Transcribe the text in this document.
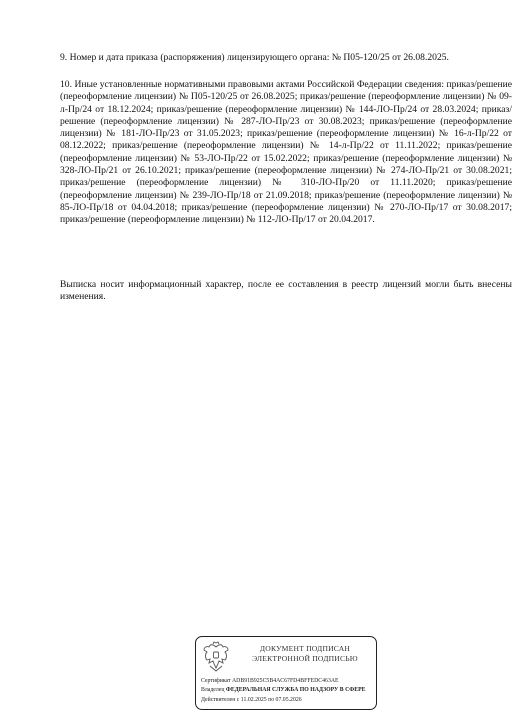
9. Номер и дата приказа (распоряжения) лицензирующего органа: № П05-120/25 от 26.08.2025.
10. Иные установленные нормативными правовыми актами Российской Федерации сведения: приказ/решение (переоформление лицензии) № П05-120/25 от 26.08.2025; приказ/решение (переоформление лицензии) № 09-л-Пр/24 от 18.12.2024; приказ/решение (переоформление лицензии) № 144-ЛО-Пр/24 от 28.03.2024; приказ/решение (переоформление лицензии) № 287-ЛО-Пр/23 от 30.08.2023; приказ/решение (переоформление лицензии) № 181-ЛО-Пр/23 от 31.05.2023; приказ/решение (переоформление лицензии) № 16-л-Пр/22 от 08.12.2022; приказ/решение (переоформление лицензии) № 14-л-Пр/22 от 11.11.2022; приказ/решение (переоформление лицензии) № 53-ЛО-Пр/22 от 15.02.2022; приказ/решение (переоформление лицензии) № 328-ЛО-Пр/21 от 26.10.2021; приказ/решение (переоформление лицензии) № 274-ЛО-Пр/21 от 30.08.2021; приказ/решение (переоформление лицензии) № 310-ЛО-Пр/20 от 11.11.2020; приказ/решение (переоформление лицензии) № 239-ЛО-Пр/18 от 21.09.2018; приказ/решение (переоформление лицензии) № 85-ЛО-Пр/18 от 04.04.2018; приказ/решение (переоформление лицензии) № 270-ЛО-Пр/17 от 30.08.2017; приказ/решение (переоформление лицензии) № 112-ЛО-Пр/17 от 20.04.2017.
Выписка носит информационный характер, после ее составления в реестр лицензий могли быть внесены изменения.
ДОКУМЕНТ ПОДПИСАН
ЭЛЕКТРОННОЙ ПОДПИСЬЮ
Сертификат ADB91B925C5B4AC67FD4BFFEDC463AE
Владелец ФЕДЕРАЛЬНАЯ СЛУЖБА ПО НАДЗОРУ В СФЕРЕ
Действителен с 11.02.2025 по 07.05.2026
